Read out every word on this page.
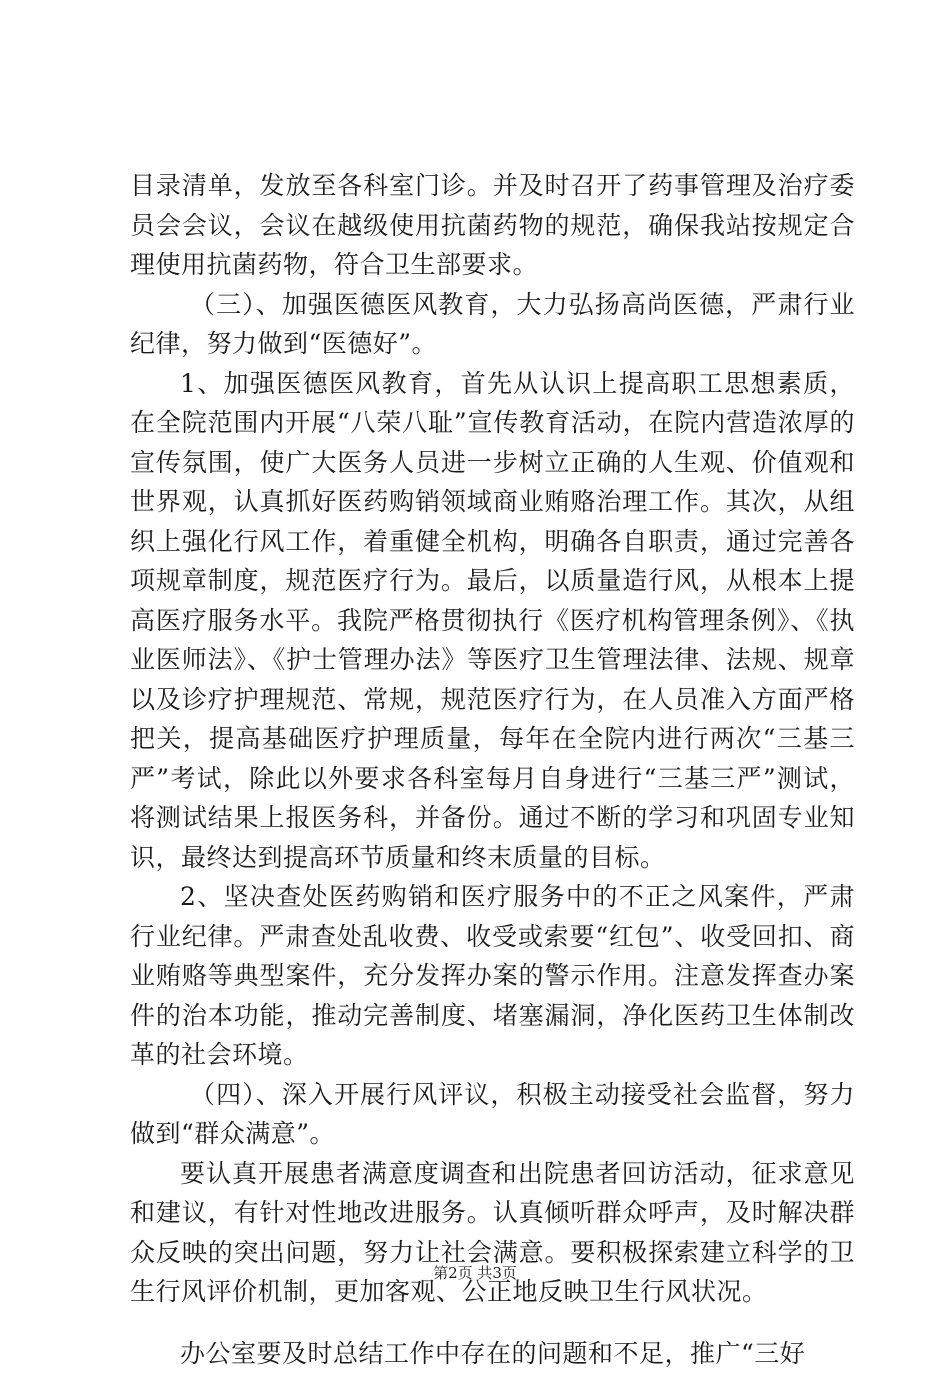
目录清单，发放至各科室门诊。并及时召开了药事管理及治疗委员会会议，会议在越级使用抗菌药物的规范，确保我站按规定合理使用抗菌药物，符合卫生部要求。

（三）、加强医德医风教育，大力弘扬高尚医德，严肃行业纪律，努力做到“医德好”。

1、加强医德医风教育，首先从认识上提高职工思想素质，在全院范围内开展“八荣八耻”宣传教育活动，在院内营造浓厚的宣传氛围，使广大医务人员进一步树立正确的人生观、价值观和世界观，认真抓好医药购销领域商业贿赂治理工作。其次，从组织上强化行风工作，着重健全机构，明确各自职责，通过完善各项规章制度，规范医疗行为。最后，以质量造行风，从根本上提高医疗服务水平。我院严格贯彻执行《医疗机构管理条例》、《执业医师法》、《护士管理办法》等医疗卫生管理法律、法规、规章以及诊疗护理规范、常规，规范医疗行为，在人员准入方面严格把关，提高基础医疗护理质量，每年在全院内进行两次“三基三严”考试，除此以外要求各科室每月自身进行“三基三严”测试，将测试结果上报医务科，并备份。通过不断的学习和巩固专业知识，最终达到提高环节质量和终末质量的目标。

2、坚决查处医药购销和医疗服务中的不正之风案件，严肃行业纪律。严肃查处乱收费、收受或索要“红包”、收受回扣、商业贿赂等典型案件，充分发挥办案的警示作用。注意发挥查办案件的治本功能，推动完善制度、堵塞漏洞，净化医药卫生体制改革的社会环境。

（四）、深入开展行风评议，积极主动接受社会监督，努力做到“群众满意”。

要认真开展患者满意度调查和出院患者回访活动，征求意见和建议，有针对性地改进服务。认真倾听群众呼声，及时解决群众反映的突出问题，努力让社会满意。要积极探索建立科学的卫生行风评价机制，更加客观、公正地反映卫生行风状况。

办公室要及时总结工作中存在的问题和不足，推广“三好

第2页 共3页
